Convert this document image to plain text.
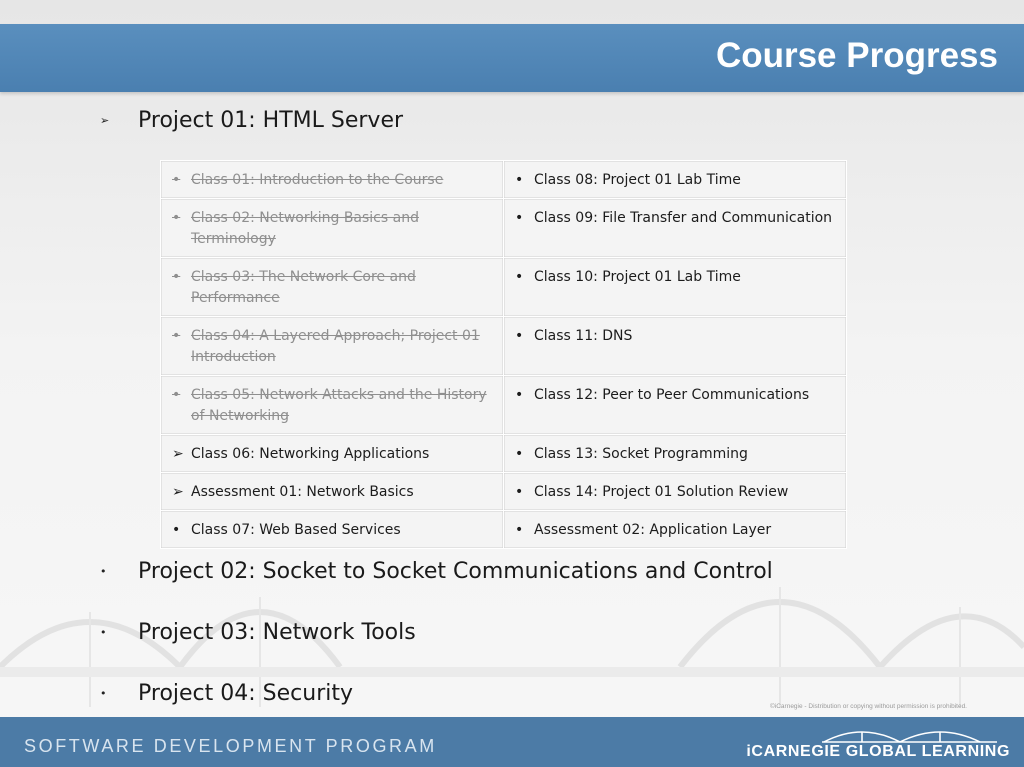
Course Progress
➢	Project 01: HTML Server
• Class 01: Introduction to the Course	• Class 08: Project 01 Lab Time

• Class 02: Networking Basics and Terminology	• Class 09: File Transfer and Communication

• Class 03: The Network Core and Performance	• Class 10: Project 01 Lab Time

• Class 04: A Layered Approach; Project 01 Introduction	• Class 11: DNS

• Class 05: Network Attacks and the History of Networking	• Class 12: Peer to Peer Communications

➢ Class 06: Networking Applications	• Class 13: Socket Programming

➢ Assessment 01: Network Basics	• Class 14: Project 01 Solution Review

• Class 07: Web Based Services	• Assessment 02: Application Layer
•	Project 02: Socket to Socket Communications and Control
•	Project 03: Network Tools
•	Project 04: Security
©iCarnegie - Distribution or copying without permission is prohibited.
SOFTWARE DEVELOPMENT PROGRAM	iCARNEGIE GLOBAL LEARNING
